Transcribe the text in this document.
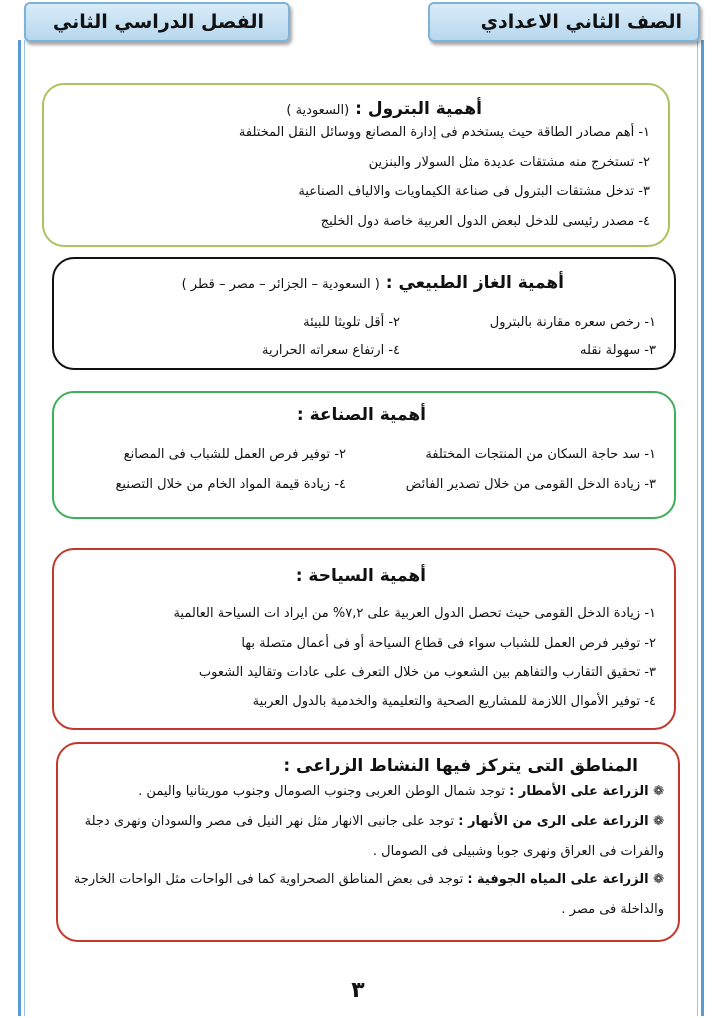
الصف الثاني الاعدادي
الفصل الدراسي الثاني
أهمية البترول : (السعودية )
١- أهم مصادر الطاقة حيث يستخدم فى إدارة المصانع ووسائل النقل المختلفة
٢- تستخرج منه مشتقات عديدة مثل السولار والبنزين
٣- تدخل مشتقات البترول فى صناعة الكيماويات والالياف الصناعية
٤- مصدر رئيسى للدخل لبعض الدول العربية خاصة دول الخليج
أهمية الغاز الطبيعي : ( السعودية – الجزائر – مصر – قطر )
١- رخص سعره مقارنة بالبترول
٢- أقل تلويثا للبيئة
٣- سهولة نقله
٤- ارتفاع سعراته الحرارية
أهمية الصناعة :
١- سد حاجة السكان من المنتجات المختلفة
٢- توفير فرص العمل للشباب فى المصانع
٣- زيادة الدخل القومى من خلال تصدير الفائض
٤- زيادة قيمة المواد الخام من خلال التصنيع
أهمية السياحة :
١- زيادة الدخل القومى حيث تحصل الدول العربية على ٧,٢% من ايراد ات السياحة العالمية
٢- توفير فرص العمل للشباب سواء فى قطاع السياحة أو فى أعمال متصلة بها
٣- تحقيق التقارب والتفاهم بين الشعوب من خلال التعرف على عادات وتقاليد الشعوب
٤- توفير الأموال اللازمة للمشاريع الصحية والتعليمية والخدمية بالدول العربية
المناطق التى يتركز فيها النشاط الزراعى :
❁ الزراعة على الأمطار : توجد شمال الوطن العربى وجنوب الصومال وجنوب موريتانيا واليمن .
❁ الزراعة على الرى من الأنهار : توجد على جانبى الانهار مثل نهر النيل فى مصر والسودان ونهرى دجلة
والفرات فى العراق ونهرى جوبا وشبيلى فى الصومال .
❁ الزراعة على المياه الجوفية : توجد فى بعض المناطق الصحراوية كما فى الواحات مثل الواحات الخارجة
والداخلة فى مصر .
٣
